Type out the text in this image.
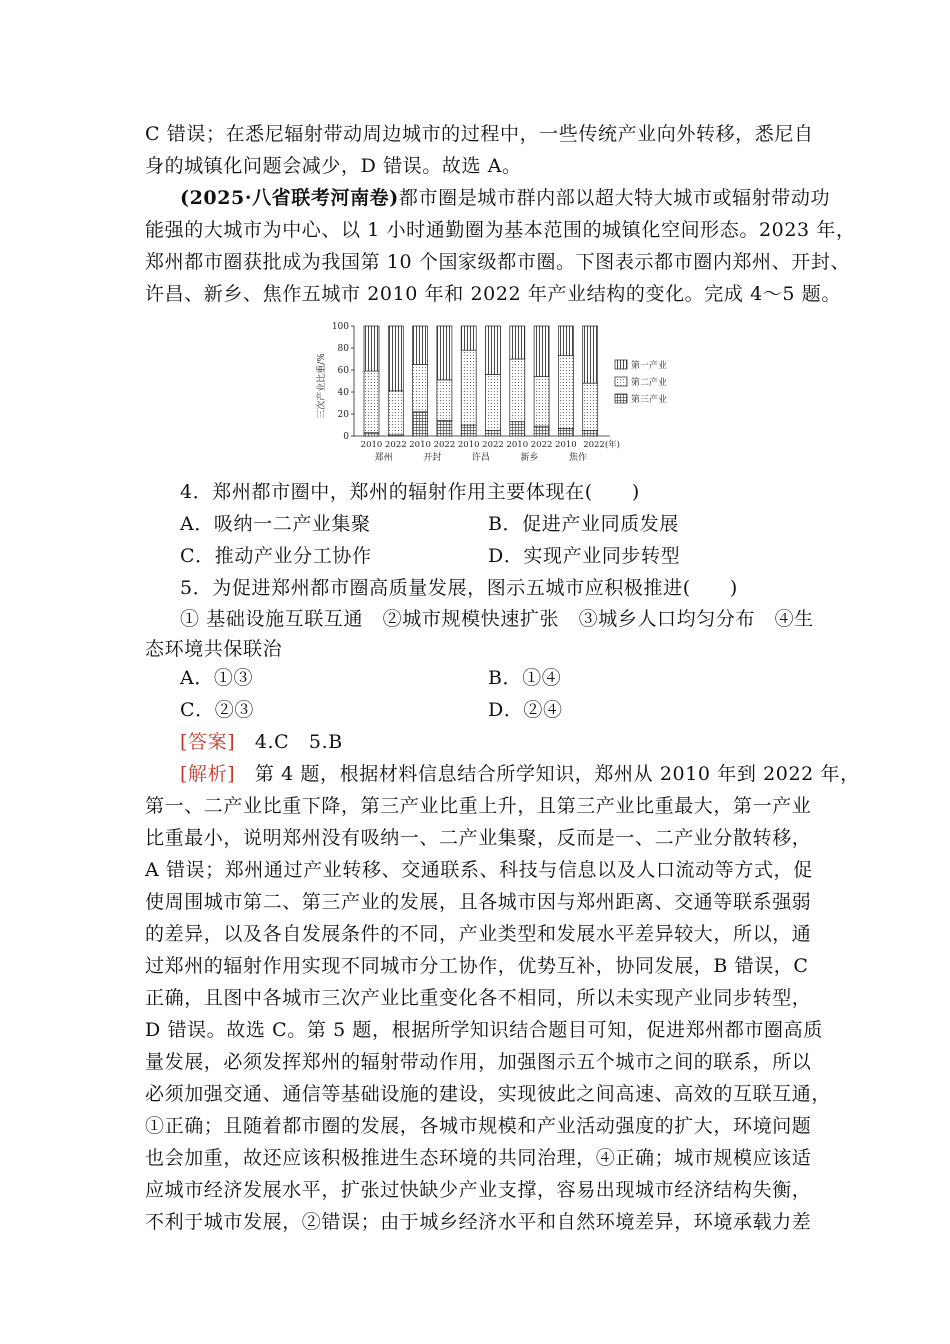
C 错误；在悉尼辐射带动周边城市的过程中，一些传统产业向外转移，悉尼自
身的城镇化问题会减少，D 错误。故选 A。
(2025·八省联考河南卷)都市圈是城市群内部以超大特大城市或辐射带动功
能强的大城市为中心、以 1 小时通勤圈为基本范围的城镇化空间形态。2023 年，
郑州都市圈获批成为我国第 10 个国家级都市圈。下图表示都市圈内郑州、开封、
许昌、新乡、焦作五城市 2010 年和 2022 年产业结构的变化。完成 4～5 题。
三次产业比重/%
0
20
40
60
80
100
2010 2022 2010 2022 2010 2022 2010 2022 2010 2022(年)
郑州	开封	许昌	新乡	焦作
第一产业
第二产业
第三产业
4．郑州都市圈中，郑州的辐射作用主要体现在(　　)
A．吸纳一二产业集聚	B．促进产业同质发展
C．推动产业分工协作	D．实现产业同步转型
5．为促进郑州都市圈高质量发展，图示五城市应积极推进(　　)
① 基础设施互联互通　②城市规模快速扩张　③城乡人口均匀分布　④生
态环境共保联治
A．①③	B．①④
C．②③	D．②④
[答案]　4.C　5.B
[解析]　第 4 题，根据材料信息结合所学知识，郑州从 2010 年到 2022 年，
第一、二产业比重下降，第三产业比重上升，且第三产业比重最大，第一产业
比重最小，说明郑州没有吸纳一、二产业集聚，反而是一、二产业分散转移，
A 错误；郑州通过产业转移、交通联系、科技与信息以及人口流动等方式，促
使周围城市第二、第三产业的发展，且各城市因与郑州距离、交通等联系强弱
的差异，以及各自发展条件的不同，产业类型和发展水平差异较大，所以，通
过郑州的辐射作用实现不同城市分工协作，优势互补，协同发展，B 错误，C
正确，且图中各城市三次产业比重变化各不相同，所以未实现产业同步转型，
D 错误。故选 C。第 5 题，根据所学知识结合题目可知，促进郑州都市圈高质
量发展，必须发挥郑州的辐射带动作用，加强图示五个城市之间的联系，所以
必须加强交通、通信等基础设施的建设，实现彼此之间高速、高效的互联互通，
①正确；且随着都市圈的发展，各城市规模和产业活动强度的扩大，环境问题
也会加重，故还应该积极推进生态环境的共同治理，④正确；城市规模应该适
应城市经济发展水平，扩张过快缺少产业支撑，容易出现城市经济结构失衡，
不利于城市发展，②错误；由于城乡经济水平和自然环境差异，环境承载力差
